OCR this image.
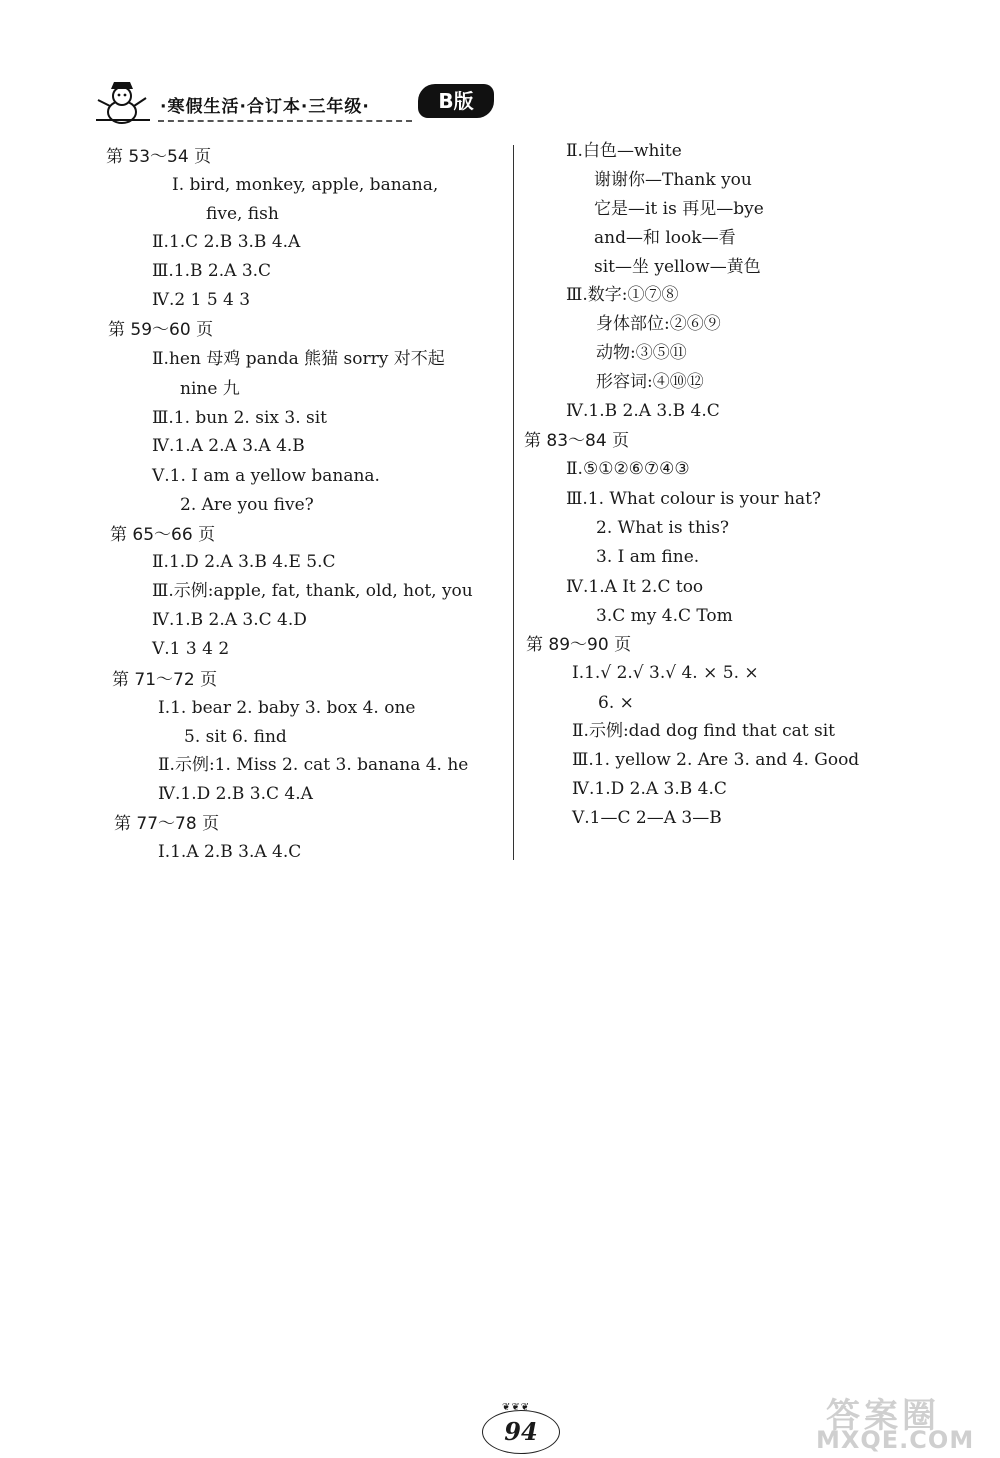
·寒假生活·合订本·三年级·	B版
第 53～54 页
Ⅰ. bird, monkey, apple, banana,
five, fish
Ⅱ.1.C 2.B 3.B 4.A
Ⅲ.1.B 2.A 3.C
Ⅳ.2 1 5 4 3
第 59～60 页
Ⅱ.hen 母鸡 panda 熊猫 sorry 对不起
nine 九
Ⅲ.1. bun 2. six 3. sit
Ⅳ.1.A 2.A 3.A 4.B
Ⅴ.1. I am a yellow banana.
2. Are you five?
第 65～66 页
Ⅱ.1.D 2.A 3.B 4.E 5.C
Ⅲ.示例:apple, fat, thank, old, hot, you
Ⅳ.1.B 2.A 3.C 4.D
Ⅴ.1 3 4 2
第 71～72 页
Ⅰ.1. bear 2. baby 3. box 4. one
5. sit 6. find
Ⅱ.示例:1. Miss 2. cat 3. banana 4. he
Ⅳ.1.D 2.B 3.C 4.A
第 77～78 页
Ⅰ.1.A 2.B 3.A 4.C
Ⅱ.白色—white
谢谢你—Thank you
它是—it is 再见—bye
and—和 look—看
sit—坐 yellow—黄色
Ⅲ.数字:①⑦⑧
身体部位:②⑥⑨
动物:③⑤⑪
形容词:④⑩⑫
Ⅳ.1.B 2.A 3.B 4.C
第 83～84 页
Ⅱ.⑤①②⑥⑦④③
Ⅲ.1. What colour is your hat?
2. What is this?
3. I am fine.
Ⅳ.1.A It 2.C too
3.C my 4.C Tom
第 89～90 页
Ⅰ.1.√ 2.√ 3.√ 4. × 5. ×
6. ×
Ⅱ.示例:dad dog find that cat sit
Ⅲ.1. yellow 2. Are 3. and 4. Good
Ⅳ.1.D 2.A 3.B 4.C
Ⅴ.1—C 2—A 3—B
❦❦❦
94	答案圈
MXQE.COM
